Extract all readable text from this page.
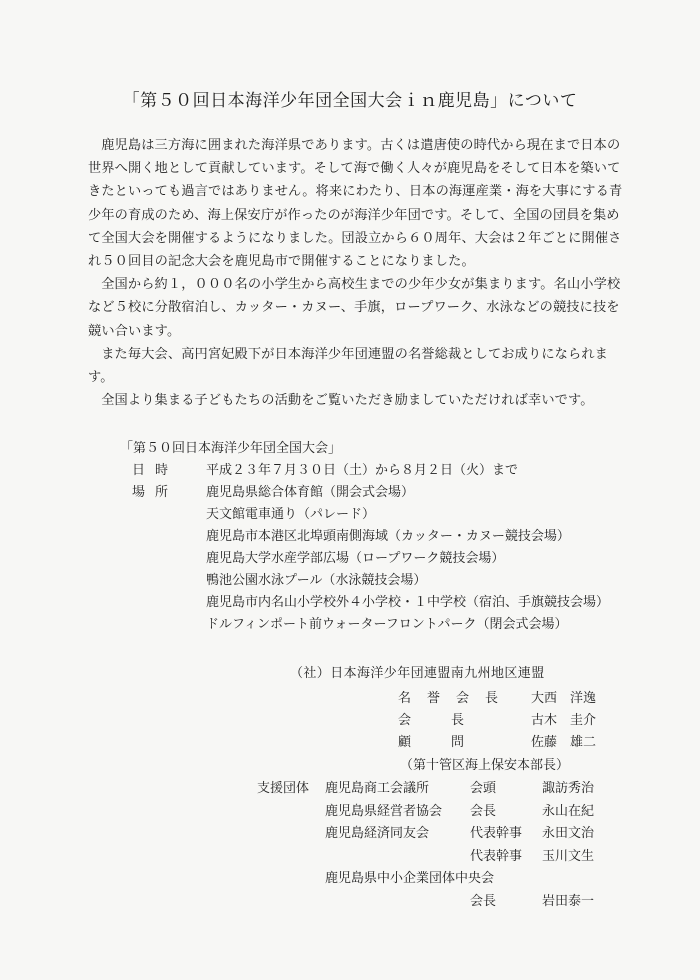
「第５０回日本海洋少年団全国大会ｉｎ鹿児島」について

鹿児島は三方海に囲まれた海洋県であります。古くは遣唐使の時代から現在まで日本の世界へ開く地として貢献しています。そして海で働く人々が鹿児島をそして日本を築いてきたといっても過言ではありません。将来にわたり、日本の海運産業・海を大事にする青少年の育成のため、海上保安庁が作ったのが海洋少年団です。そして、全国の団員を集めて全国大会を開催するようになりました。団設立から６０周年、大会は２年ごとに開催され５０回目の記念大会を鹿児島市で開催することになりました。

全国から約１，０００名の小学生から高校生までの少年少女が集まります。名山小学校など５校に分散宿泊し、カッター・カヌー、手旗，ロープワーク、水泳などの競技に技を競い合います。

また毎大会、高円宮妃殿下が日本海洋少年団連盟の名誉総裁としてお成りになられます。

全国より集まる子どもたちの活動をご覧いただき励ましていただければ幸いです。

「第５０回日本海洋少年団全国大会」
日時	平成２３年７月３０日（土）から８月２日（火）まで
場所	鹿児島県総合体育館（開会式会場）
天文館電車通り（パレード）
鹿児島市本港区北埠頭南側海域（カッター・カヌー競技会場）
鹿児島大学水産学部広場（ロープワーク競技会場）
鴨池公園水泳プール（水泳競技会場）
鹿児島市内名山小学校外４小学校・１中学校（宿泊、手旗競技会場）
ドルフィンポート前ウォーターフロントパーク（閉会式会場）
（社）日本海洋少年団連盟南九州地区連盟
名 誉 会 長	大西　洋逸
会	長	古木　圭介
顧	問	佐藤　雄二
（第十管区海上保安本部長）
支援団体 鹿児島商工会議所	会頭	諏訪秀治
鹿児島県経営者協会 会長	永山在紀
鹿児島経済同友会	代表幹事 永田文治
代表幹事 玉川文生
鹿児島県中小企業団体中央会
会長	岩田泰一
